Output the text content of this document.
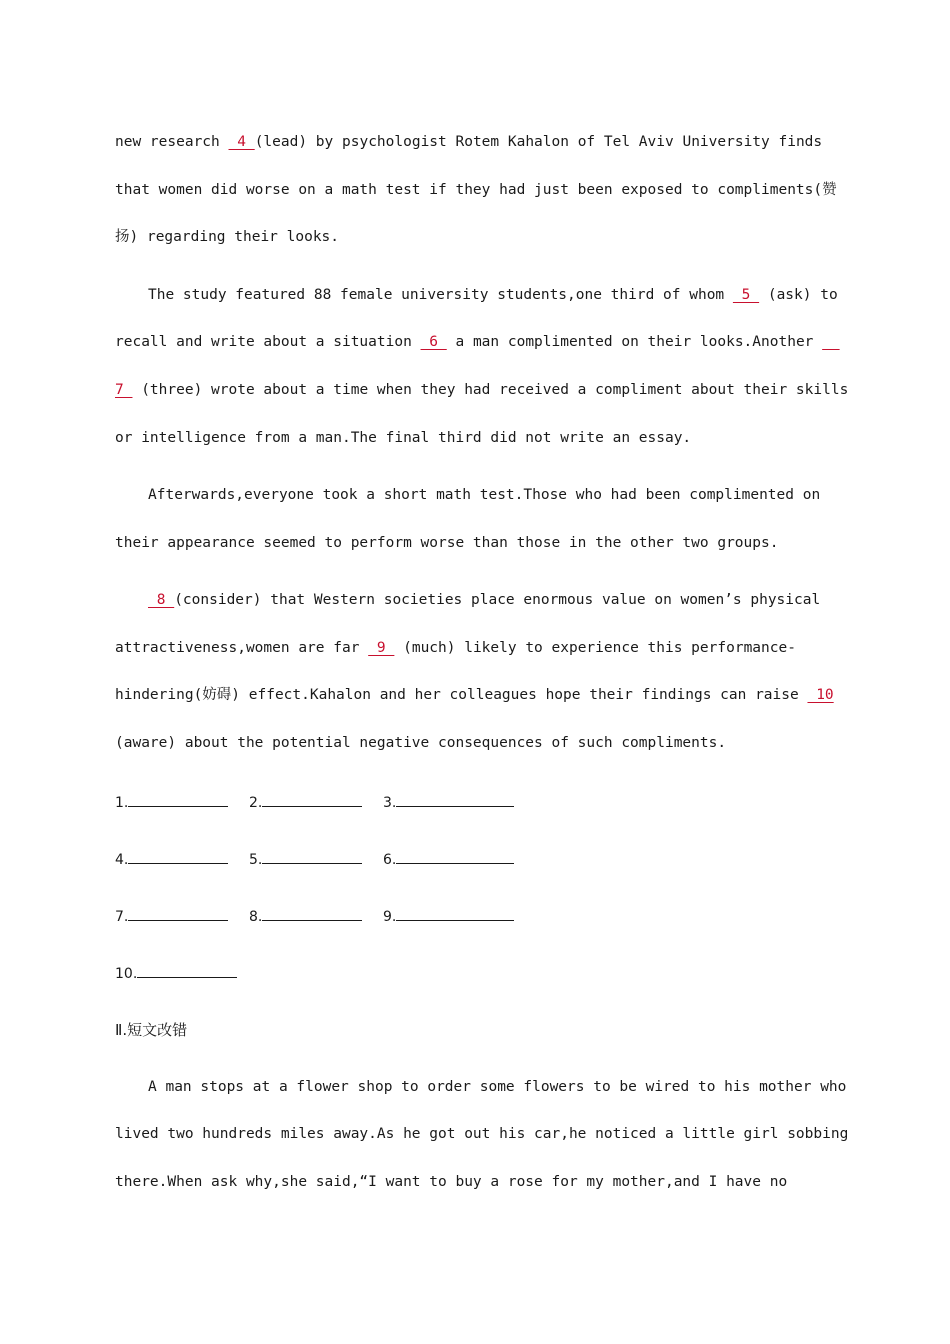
new research  4 (lead) by psychologist Rotem Kahalon of Tel Aviv University finds
that women did worse on a math test if they had just been exposed to compliments(赞
扬) regarding their looks.
The study featured 88 female university students,one third of whom  5  (ask) to
recall and write about a situation  6  a man complimented on their looks.Another
7  (three) wrote about a time when they had received a compliment about their skills
or intelligence from a man.The final third did not write an essay.
Afterwards,everyone took a short math test.Those who had been complimented on
their appearance seemed to perform worse than those in the other two groups.
8 (consider) that Western societies place enormous value on women’s physical
attractiveness,women are far  9  (much) likely to experience this performance-
hindering(妨碍) effect.Kahalon and her colleagues hope their findings can raise  10
(aware) about the potential negative consequences of such compliments.
1.	2.	3.
4.	5.	6.
7.	8.	9.
10.
Ⅱ.短文改错
A man stops at a flower shop to order some flowers to be wired to his mother who
lived two hundreds miles away.As he got out his car,he noticed a little girl sobbing
there.When ask why,she said,“I want to buy a rose for my mother,and I have no
